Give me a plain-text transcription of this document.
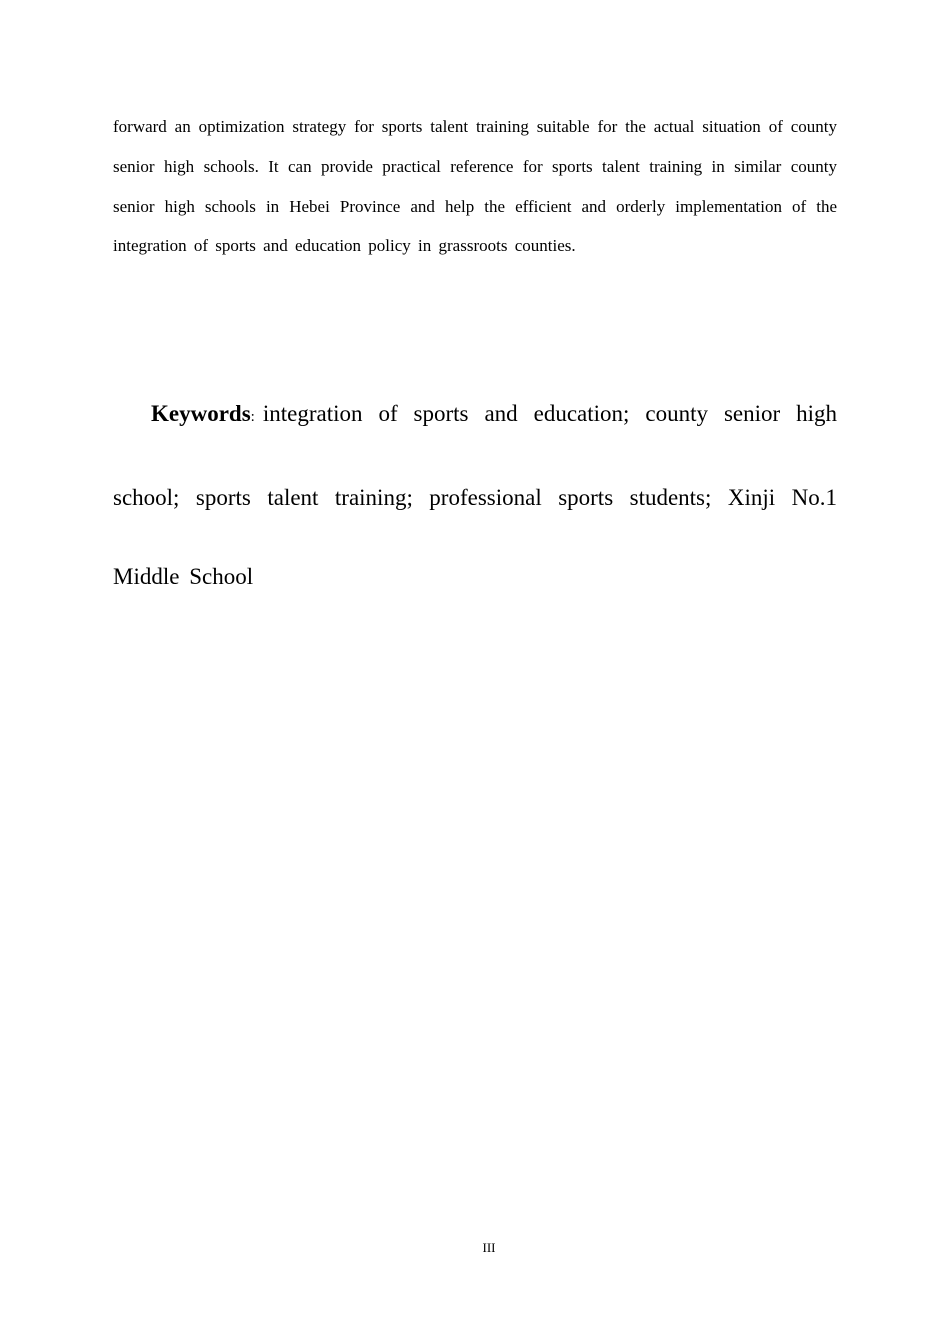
forward an optimization strategy for sports talent training suitable for the actual situation of county senior high schools. It can provide practical reference for sports talent training in similar county senior high schools in Hebei Province and help the efficient and orderly implementation of the integration of sports and education policy in grassroots counties.

Keywords: integration of sports and education; county senior high school; sports talent training; professional sports students; Xinji No.1 Middle School

III
